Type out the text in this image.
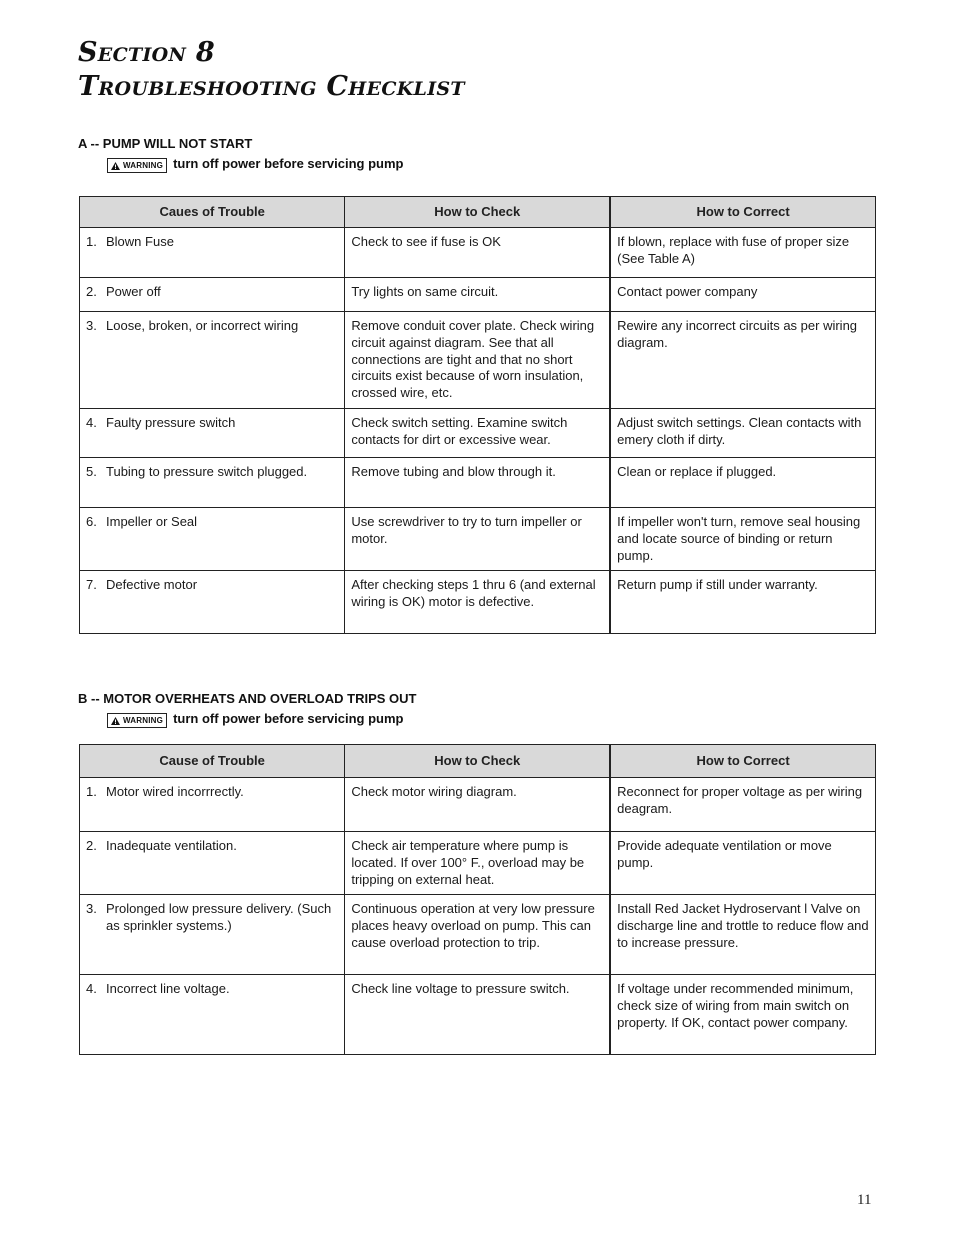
Section 8
Troubleshooting Checklist
A -- PUMP WILL NOT START
WARNING turn off power before servicing pump
Caues of Trouble	How to Check	How to Correct

1. Blown Fuse	Check to see if fuse is OK	If blown, replace with fuse of proper size (See Table A)

2. Power off	Try lights on same circuit.	Contact power company

3. Loose, broken, or incorrect wiring	Remove conduit cover plate. Check wiring circuit against diagram. See that all connections are tight and that no short circuits exist because of worn insulation, crossed wire, etc.	Rewire any incorrect circuits as per wiring diagram.

4. Faulty pressure switch	Check switch setting. Examine switch contacts for dirt or excessive wear.	Adjust switch settings. Clean contacts with emery cloth if dirty.

5. Tubing to pressure switch plugged.	Remove tubing and blow through it.	Clean or replace if plugged.

6. Impeller or Seal	Use screwdriver to try to turn impeller or motor.	If impeller won't turn, remove seal housing and locate source of binding or return pump.

7. Defective motor	After checking steps 1 thru 6 (and external wiring is OK) motor is defective.	Return pump if still under warranty.
B -- MOTOR OVERHEATS AND OVERLOAD TRIPS OUT
WARNING turn off power before servicing pump
Cause of Trouble	How to Check	How to Correct

1. Motor wired incorrrectly.	Check motor wiring diagram.	Reconnect for proper voltage as per wiring deagram.

2. Inadequate ventilation.	Check air temperature where pump is located. If over 100° F., overload may be tripping on external heat.	Provide adequate ventilation or move pump.

3. Prolonged low pressure delivery. (Such as sprinkler systems.)	Continuous operation at very low pressure places heavy overload on pump. This can cause overload protection to trip.	Install Red Jacket Hydroservant l Valve on discharge line and trottle to reduce flow and to increase pressure.

4. Incorrect line voltage.	Check line voltage to pressure switch.	If voltage under recommended minimum, check size of wiring from main switch on property. If OK, contact power company.
11
